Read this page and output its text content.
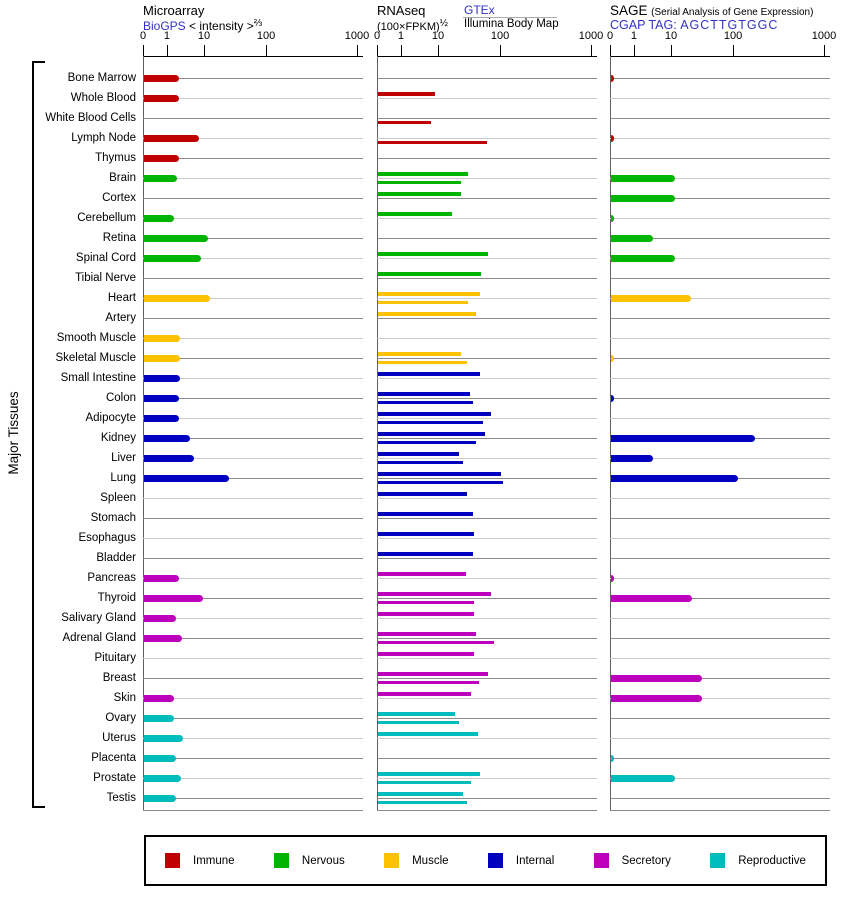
Major Tissues
Microarray
BioGPS < intensity >$^{\frac{2}{3}}$
RNAseq
(100×FPKM)½
GTEx
Illumina Body Map
SAGE (Serial Analysis of Gene Expression)
CGAP TAG: AGCTTGTGGC
0 1	10	100	1000 0 1	10	100	1000 0 1	10	100	1000
Bone Marrow
Whole Blood
White Blood Cells
Lymph Node
Thymus
Brain
Cortex
Cerebellum
Retina
Spinal Cord
Tibial Nerve
Heart
Artery
Smooth Muscle
Skeletal Muscle
Small Intestine
Colon
Adipocyte
Kidney
Liver
Lung
Spleen
Stomach
Esophagus
Bladder
Pancreas
Thyroid
Salivary Gland
Adrenal Gland
Pituitary
Breast
Skin
Ovary
Uterus
Placenta
Prostate
Testis
Immune	Nervous	Muscle	Internal	Secretory	Reproductive
